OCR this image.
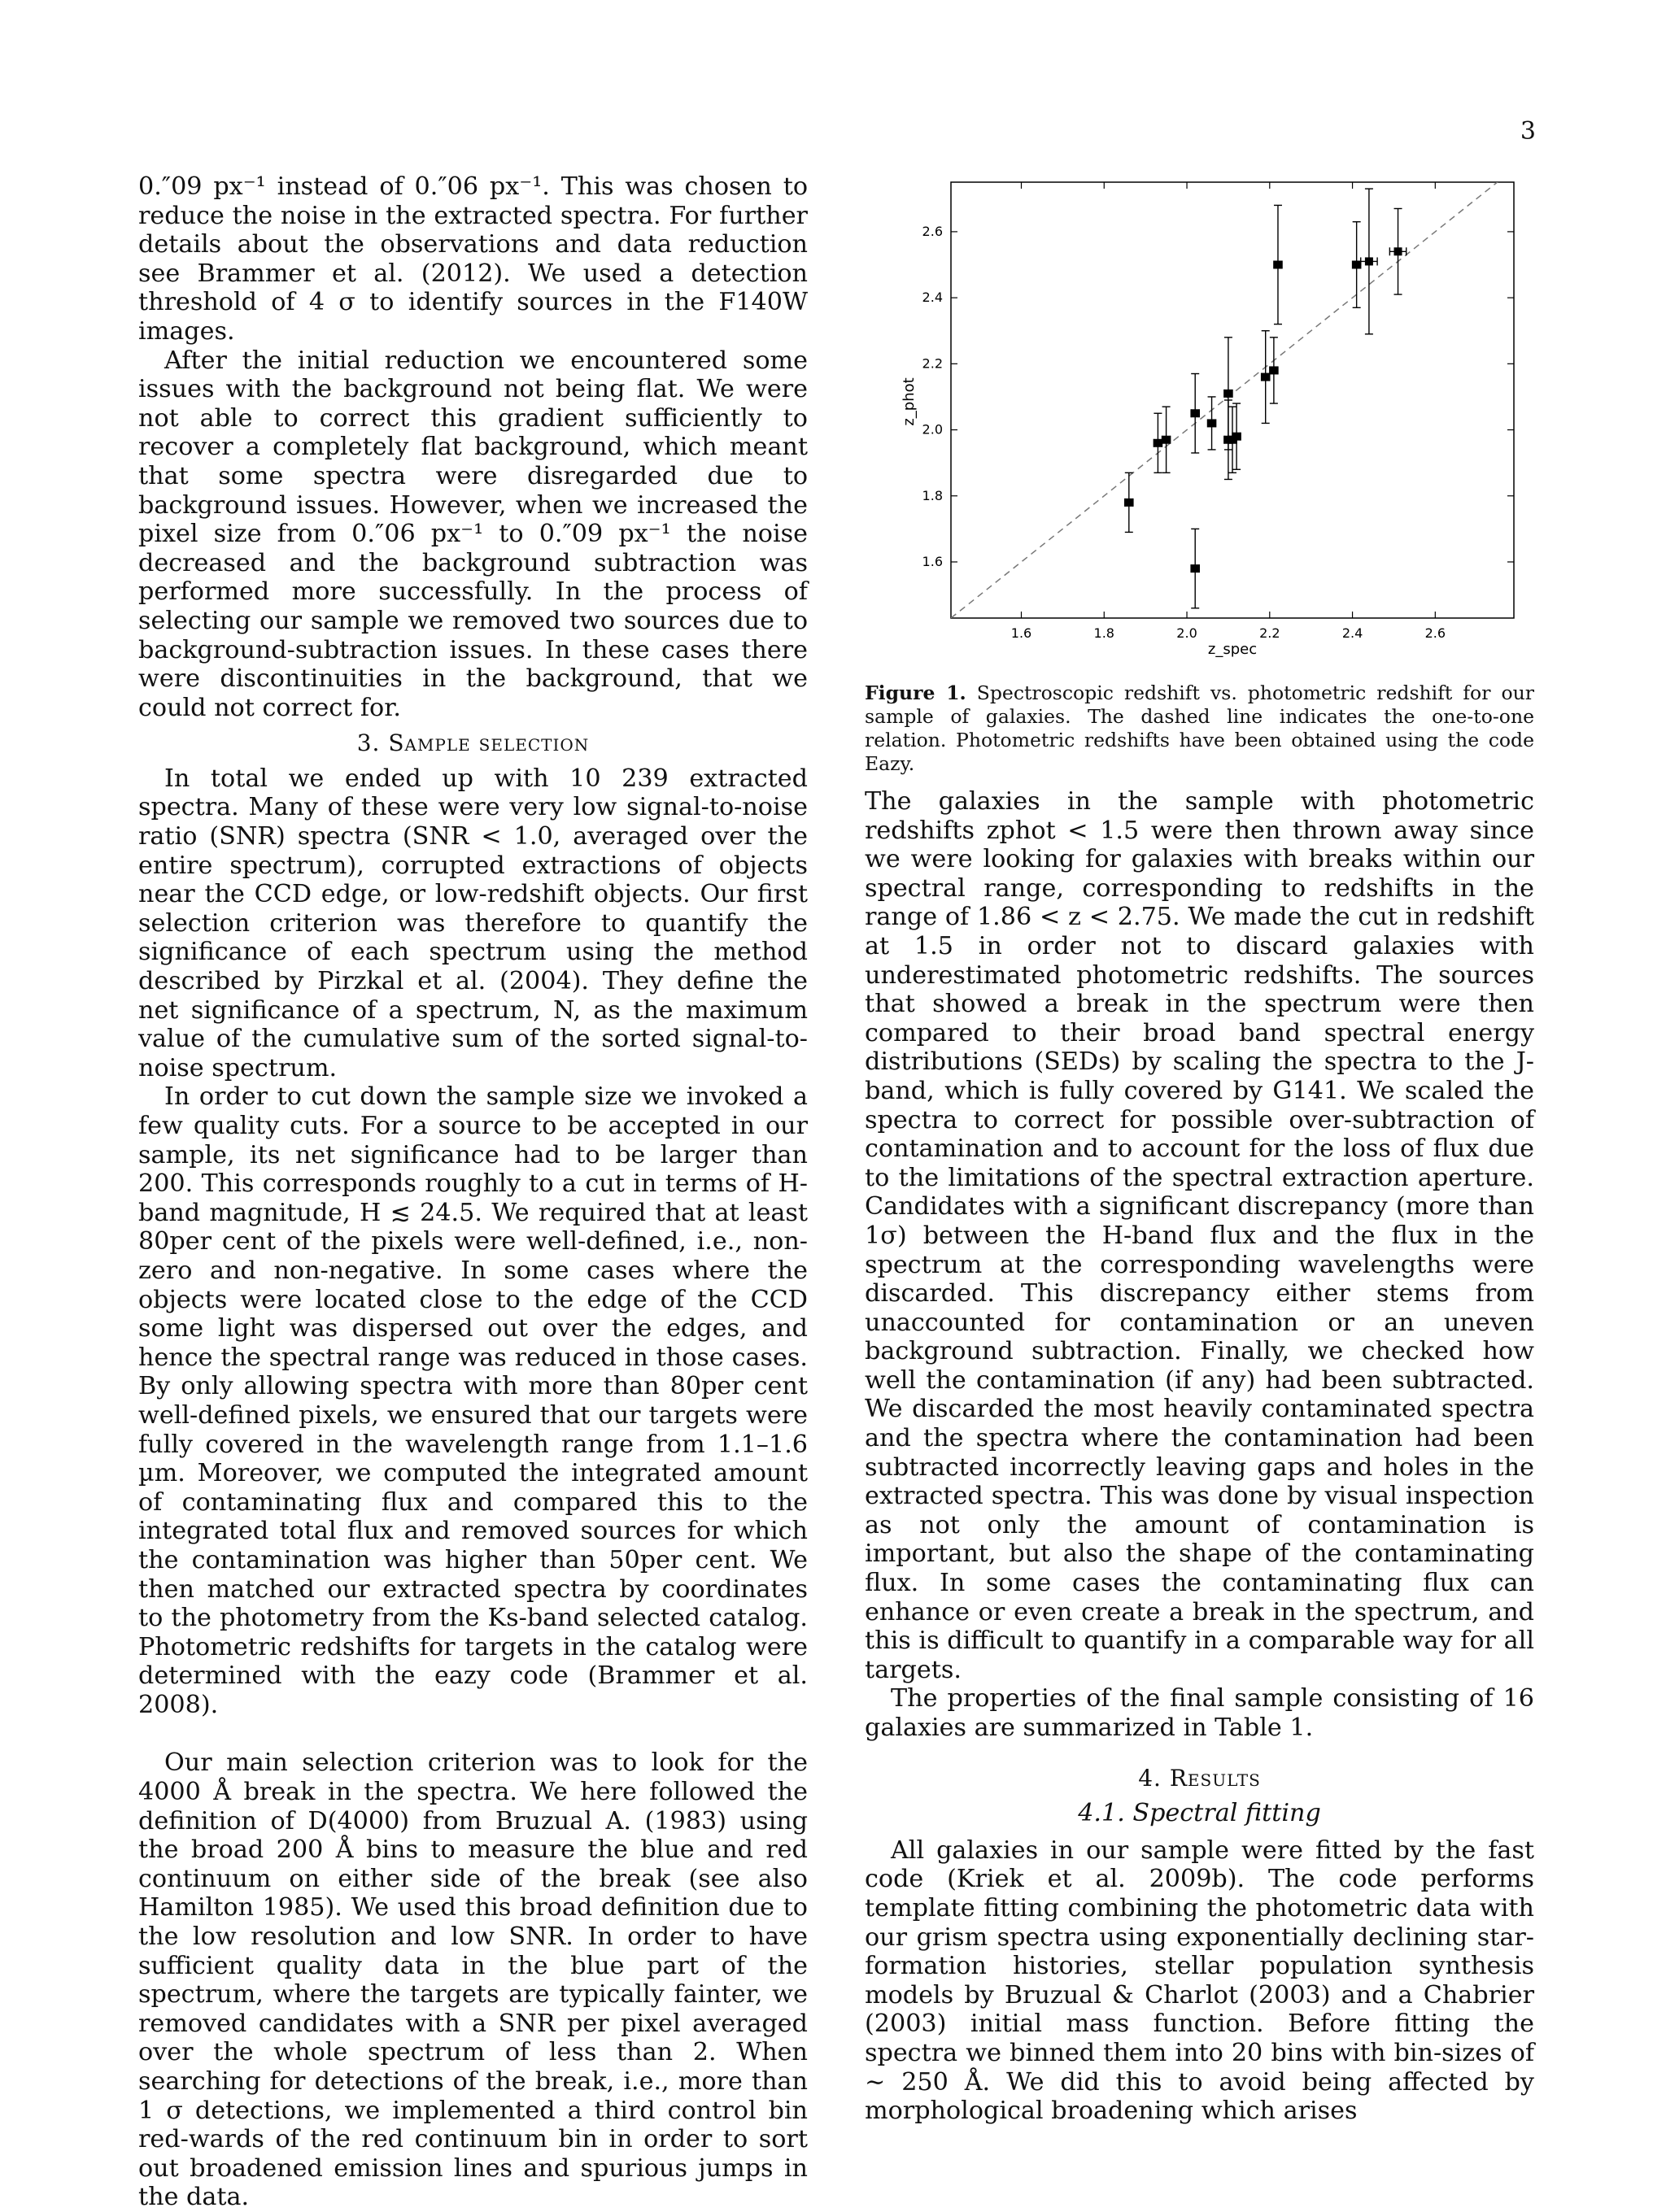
3

0.″09 px⁻¹ instead of 0.″06 px⁻¹. This was chosen to reduce the noise in the extracted spectra. For further details about the observations and data reduction see Brammer et al. (2012). We used a detection threshold of 4 σ to identify sources in the F140W images.

After the initial reduction we encountered some issues with the background not being flat. We were not able to correct this gradient sufficiently to recover a completely flat background, which meant that some spectra were disregarded due to background issues. However, when we increased the pixel size from 0.″06 px⁻¹ to 0.″09 px⁻¹ the noise decreased and the background subtraction was performed more successfully. In the process of selecting our sample we removed two sources due to background-subtraction issues. In these cases there were discontinuities in the background, that we could not correct for.

3. Sample selection

In total we ended up with 10 239 extracted spectra. Many of these were very low signal-to-noise ratio (SNR) spectra (SNR < 1.0, averaged over the entire spectrum), corrupted extractions of objects near the CCD edge, or low-redshift objects. Our first selection criterion was therefore to quantify the significance of each spectrum using the method described by Pirzkal et al. (2004). They define the net significance of a spectrum, N, as the maximum value of the cumulative sum of the sorted signal-to-noise spectrum.

In order to cut down the sample size we invoked a few quality cuts. For a source to be accepted in our sample, its net significance had to be larger than 200. This corresponds roughly to a cut in terms of H-band magnitude, H ≲ 24.5. We required that at least 80per cent of the pixels were well-defined, i.e., non-zero and non-negative. In some cases where the objects were located close to the edge of the CCD some light was dispersed out over the edges, and hence the spectral range was reduced in those cases. By only allowing spectra with more than 80per cent well-defined pixels, we ensured that our targets were fully covered in the wavelength range from 1.1–1.6 µm. Moreover, we computed the integrated amount of contaminating flux and compared this to the integrated total flux and removed sources for which the contamination was higher than 50per cent. We then matched our extracted spectra by coordinates to the photometry from the Ks-band selected catalog. Photometric redshifts for targets in the catalog were determined with the eazy code (Brammer et al. 2008).

Our main selection criterion was to look for the 4000 Å break in the spectra. We here followed the definition of D(4000) from Bruzual A. (1983) using the broad 200 Å bins to measure the blue and red continuum on either side of the break (see also Hamilton 1985). We used this broad definition due to the low resolution and low SNR. In order to have sufficient quality data in the blue part of the spectrum, where the targets are typically fainter, we removed candidates with a SNR per pixel averaged over the whole spectrum of less than 2. When searching for detections of the break, i.e., more than 1 σ detections, we implemented a third control bin red-wards of the red continuum bin in order to sort out broadened emission lines and spurious jumps in the data.

1.6	1.8	2.0	2.2	2.4	2.6
1.6
1.8
2.0
2.2
2.4
2.6
z_phot
z_spec
Figure 1. Spectroscopic redshift vs. photometric redshift for our sample of galaxies. The dashed line indicates the one-to-one relation. Photometric redshifts have been obtained using the code Eazy.

The galaxies in the sample with photometric redshifts zphot < 1.5 were then thrown away since we were looking for galaxies with breaks within our spectral range, corresponding to redshifts in the range of 1.86 < z < 2.75. We made the cut in redshift at 1.5 in order not to discard galaxies with underestimated photometric redshifts. The sources that showed a break in the spectrum were then compared to their broad band spectral energy distributions (SEDs) by scaling the spectra to the J-band, which is fully covered by G141. We scaled the spectra to correct for possible over-subtraction of contamination and to account for the loss of flux due to the limitations of the spectral extraction aperture. Candidates with a significant discrepancy (more than 1σ) between the H-band flux and the flux in the spectrum at the corresponding wavelengths were discarded. This discrepancy either stems from unaccounted for contamination or an uneven background subtraction. Finally, we checked how well the contamination (if any) had been subtracted. We discarded the most heavily contaminated spectra and the spectra where the contamination had been subtracted incorrectly leaving gaps and holes in the extracted spectra. This was done by visual inspection as not only the amount of contamination is important, but also the shape of the contaminating flux. In some cases the contaminating flux can enhance or even create a break in the spectrum, and this is difficult to quantify in a comparable way for all targets.

The properties of the final sample consisting of 16 galaxies are summarized in Table 1.

4. Results
4.1. Spectral fitting

All galaxies in our sample were fitted by the fast code (Kriek et al. 2009b). The code performs template fitting combining the photometric data with our grism spectra using exponentially declining star-formation histories, stellar population synthesis models by Bruzual & Charlot (2003) and a Chabrier (2003) initial mass function. Before fitting the spectra we binned them into 20 bins with bin-sizes of ∼ 250 Å. We did this to avoid being affected by morphological broadening which arises
